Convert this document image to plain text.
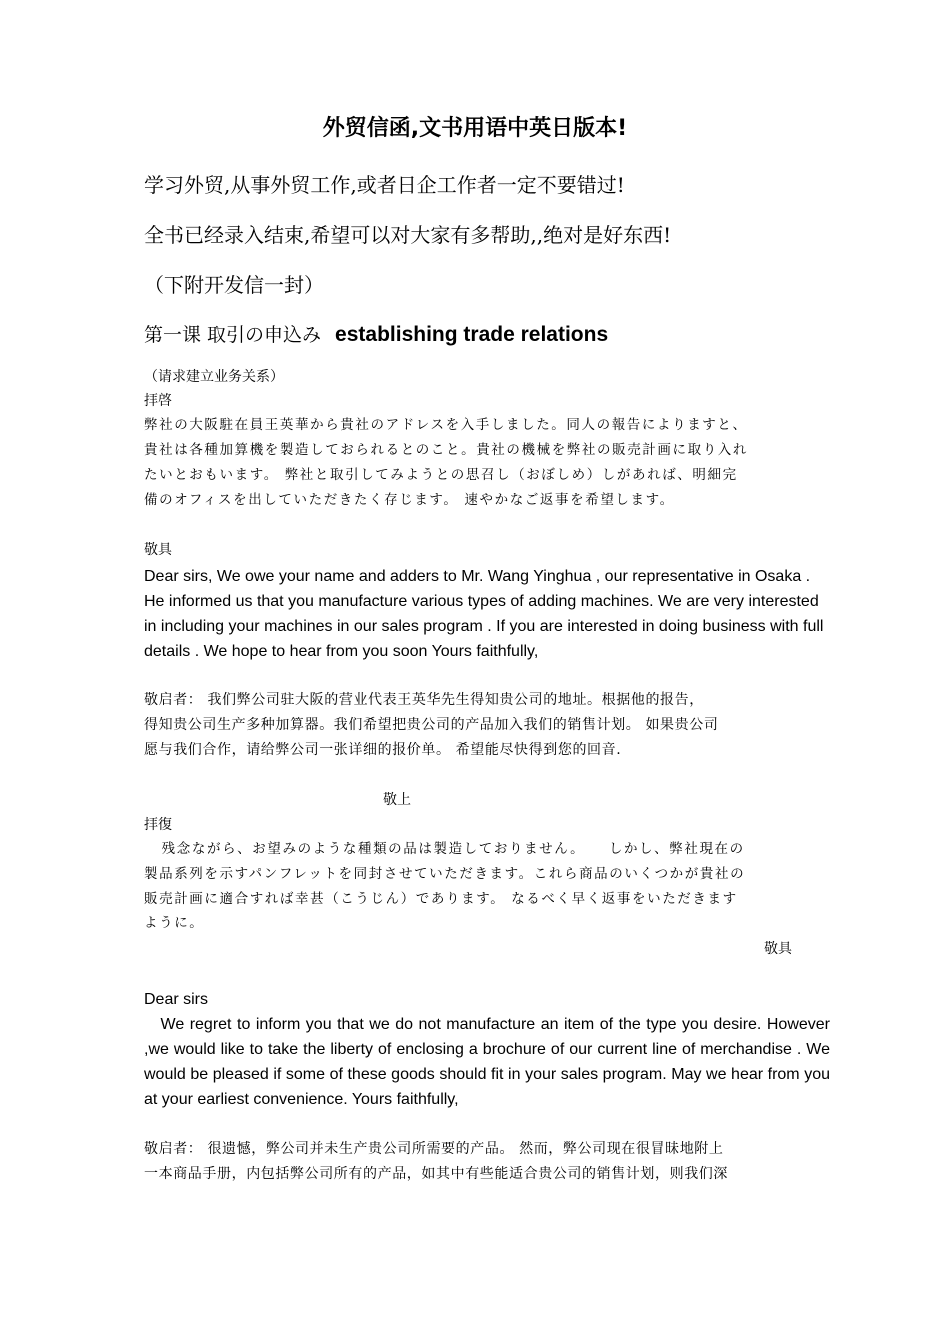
外贸信函,文书用语中英日版本!
学习外贸,从事外贸工作,或者日企工作者一定不要错过!
全书已经录入结束,希望可以对大家有多帮助,,绝对是好东西!
（下附开发信一封）
第一课 取引の申込み establishing trade relations
（请求建立业务关系）
拝啓
弊社の大阪駐在員王英華から貴社のアドレスを入手しました。同人の報告によりますと、
貴社は各種加算機を製造しておられるとのこと。貴社の機械を弊社の販売計画に取り入れ
たいとおもいます。 弊社と取引してみようとの思召し（おぼしめ）しがあれば、明細完
備のオフィスを出していただきたく存じます。 速やかなご返事を希望します。
敬具
Dear sirs, We owe your name and adders to Mr. Wang Yinghua , our representative in Osaka . He informed us that you manufacture various types of adding machines. We are very interested in including your machines in our sales program . If you are interested in doing business with full details . We hope to hear from you soon Yours faithfully,
敬启者： 我们弊公司驻大阪的营业代表王英华先生得知贵公司的地址。根据他的报告，
得知贵公司生产多种加算器。我们希望把贵公司的产品加入我们的销售计划。 如果贵公司
愿与我们合作，请给弊公司一张详细的报价单。 希望能尽快得到您的回音.
敬上
拝復
残念ながら、お望みのような種類の品は製造しておりません。    しかし、弊社現在の
製品系列を示すパンフレットを同封させていただきます。これら商品のいくつかが貴社の
販売計画に適合すれば幸甚（こうじん）であります。 なるべく早く返事をいただきます
ように。
敬具
Dear sirs
We regret to inform you that we do not manufacture an item of the type you desire. However ,we would like to take the liberty of enclosing a brochure of our current line of merchandise . We would be pleased if some of these goods should fit in your sales program. May we hear from you at your earliest convenience. Yours faithfully,
敬启者： 很遗憾，弊公司并未生产贵公司所需要的产品。 然而，弊公司现在很冒昧地附上
一本商品手册，内包括弊公司所有的产品，如其中有些能适合贵公司的销售计划，则我们深
